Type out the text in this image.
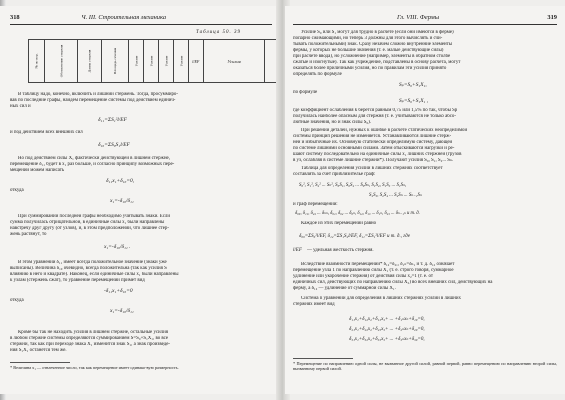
318	Ч. III. Строительная механика
Таблица 50. 39
№ по пор.	Обозначение стержня	Длина стержня	Площадь сечения	Усилие	Усилие	Усилие	Усилие	l/EF	Усилия	
В таблицу надо, конечно, включить и лишний стержень. Тогда, просуммиро-
вав по последние графы, найдем перемещение системы под действием единич-
ных сил и
δ₁₁=ΣS₁²l/EF
и под действием всех внешних сил
δ₁₀=ΣS₀S₁l/EF
Но под действием силы X₁ фактически действующей в лишнем стержне,
перемещение δ₁₁ будет в x₁ раз больше, и согласно принципу возможных пере-
мещений можем написать
δ₁₁x₁+δ₁₀=0,
откуда
x₁=-δ₁₀/δ₁₁
При суммировании последней графы необходимо учитывать знаки. Если
сумма получилась отрицательной, в единичные силы x₁ были направлены
навстречу друг другу (от узлов), и, в этом предположении, что лишнее стер-
жень растянут, то
x₁=-δ₁₀/δ₁₁ .
В этом уравнении δ₁₁ имеет всегда положительное значение (знаки уже
выписаны). Величина δ₁₀ очевидно, всегда положительна (так как усилия S
влиянию в него и квадрате). Наконец, если единичные силы x₁ были направлены
к узлам (стержень сжат), то уравнение перемещений примет вид
-δ₁₁x₁+δ₁₀=0
откуда
x₁=-δ₁₀/δ₁₁
Кроме бы так не находить усилия в лишнем стержне, остальные усилия
в любом стержне системы определяются суммированием S=S₀+S₁X₁, во все
стержни, так как при переходе знака X₁ изменится знак S₁, а знак произведе-
ния S₁X₁ останется тем же.
* Величина x₁ — отвлеченное число, так как перемещение имеет одинако-вую размерность.
Гл. VIII. Фермы	319
Усилие S₀ или S₁ могут для трудно в расчете (если они имеются в ферме)
попарно сжимающими, но теперь 3 должны для этого вычислять и счи-
тывать положительными) знак. Сразу незачем сложно внутренние элементы
фермы, у которых не большие значения (т. е. малые действующие силы)
при расчете ввода), но усложнение (например, элементы в обратном столбе
сжатые и изогнутые). Так как учреждение, подставлены в основу расчета, могут
оказаться более приличными усилия, но по правилам эти усилия принято
определять по формуле
Sₚ=S₀+S₁X₁,
по формуле
Sₚ=S₀+S₁X₁ ,
где коэффициент ослабления k берется равным 0,75 или 1,5% по так, чтобы Sp
получилась наиболее опасным для стержня (т. е. учитываются не только абсо-
лютные значения, но и знак силы S₀).
При решении деталей, нужных к ошибке в расчёте статических неопределимой
системы принцип решения не изменяется. Устанавливаются лишние стерж-
ней и избыточные их. Основную статически определимую систему, дающей
по системе лишними основными силами. Затем отыскиваются нагрузки и ре-
шают систему последовательно на единичные силы x₁ лишних стержней (грузов
в уз, ослабляя в системе лишние стержни*). Получают усилия S₀, S₁, S₂... Sₙ.
Таблица для определения усилий в лишних стержнях соответствует
составлять за счёт приблизителье граф:
S₀², S₁², S₂² ... Sₙ², S₀S₁, S₀S₂ ... S₀Sₙ, S₁S₂, S₁S₃ ... S₁Sₙ,
S₂S₃, S₂S₄ ... S₂Sₙ ... Sₙ₋₁Sₙ
и граф перемещений:
δ₀₀, δ₁₁, δ₂₂ ... δₙₙ, δ₀₁, δ₀₂ ... δ₀ₙ, δ₁₂, δ₁₃ ... δ₁ₙ, δ₂₃ ... δₙ₋₁ₙ и т. д.
Каждое из этих перемещений равно
δ₀₀=ΣS₀²l/EF, δ₁₂=ΣS₁S₂l/EF, δ₁₁=ΣS₁²l/EF и т. д., где
l/EF — удельная жесткость стержня.
Вследствие взаимности перемещений* δ₁₂=δ₂₁, δ₁ₙ=δₙ₁ и т. д. δ₁₂ означает
перемещение узла 1 по направлению силы X₁ (т. е. строго говоря, суммарное
удлинение или укорочение стержня) от действия силы x₂=1 (т. е. от
единичных сил, действующих по направлению силы X₂) во всех внешних сил, действующих на
ферму, а δ₁₂ — удлинение от суммарной силы X₁.
Система n уравнений для определения в лишних стержнях усилий в лишних
стержнях имеет вид
δ₁₁x₁+δ₁₂x₂+δ₁₃x₃+ ... +δ₁ₙxₙ+δ₁₀=0,
δ₂₁x₁+δ₂₂x₂+δ₂₃x₃+ ... +δ₂ₙxₙ+δ₂₀=0,
δ₃₁x₁+δ₃₂x₂+δ₃₃x₃+ ... +δ₃ₙxₙ+δ₃₀=0,
* Перемещение по направлению одной силы, не вызванное другой силой, равной первой, равно перемещению по направлению второй силы, вызванному первой силой.
